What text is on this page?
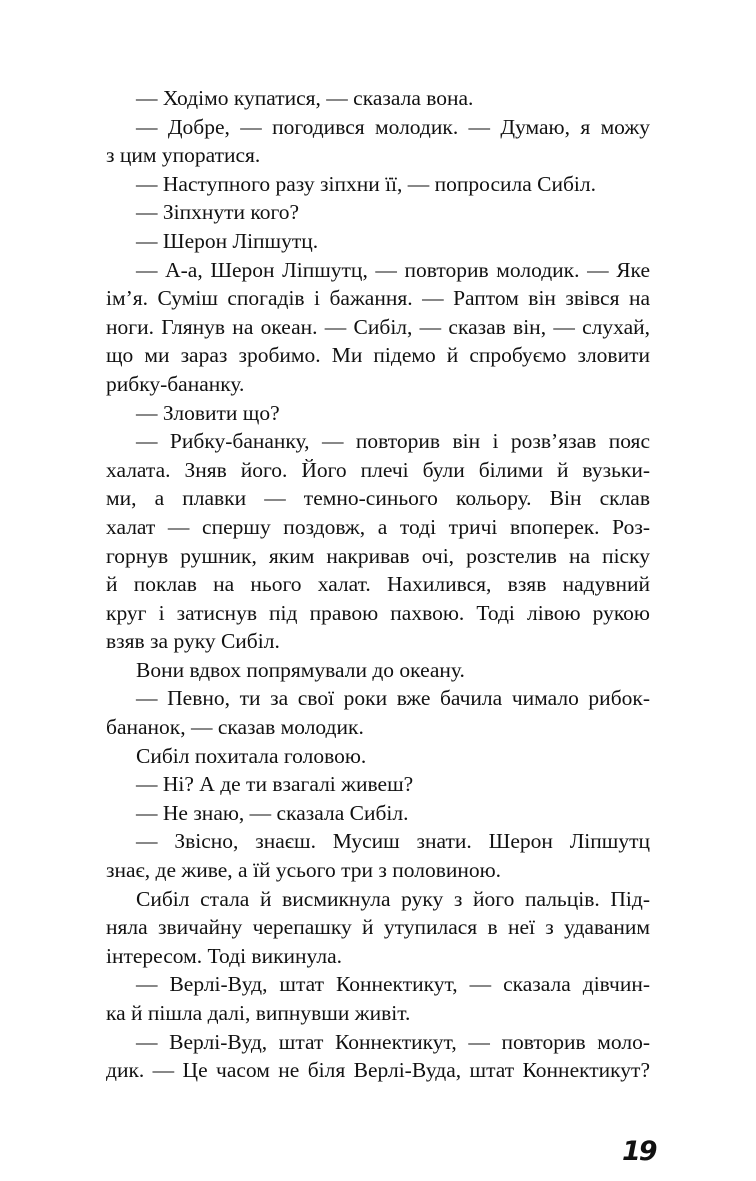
— Ходімо купатися, — сказала вона.
— Добре, — погодився молодик. — Думаю, я можу
з цим упоратися.
— Наступного разу зіпхни її, — попросила Сибіл.
— Зіпхнути кого?
— Шерон Ліпшутц.
— А-а, Шерон Ліпшутц, — повторив молодик. — Яке
ім’я. Суміш спогадів і бажання. — Раптом він звівся на
ноги. Глянув на океан. — Сибіл, — сказав він, — слухай,
що ми зараз зробимо. Ми підемо й спробуємо зловити
рибку-бананку.
— Зловити що?
— Рибку-бананку, — повторив він і розв’язав пояс
халата. Зняв його. Його плечі були білими й вузьки-
ми, а плавки — темно-синього кольору. Він склав
халат — спершу поздовж, а тоді тричі впоперек. Роз-
горнув рушник, яким накривав очі, розстелив на піску
й поклав на нього халат. Нахилився, взяв надувний
круг і затиснув під правою пахвою. Тоді лівою рукою
взяв за руку Сибіл.
Вони вдвох попрямували до океану.
— Певно, ти за свої роки вже бачила чимало рибок-
бананок, — сказав молодик.
Сибіл похитала головою.
— Ні? А де ти взагалі живеш?
— Не знаю, — сказала Сибіл.
— Звісно, знаєш. Мусиш знати. Шерон Ліпшутц
знає, де живе, а їй усього три з половиною.
Сибіл стала й висмикнула руку з його пальців. Під-
няла звичайну черепашку й утупилася в неї з удаваним
інтересом. Тоді викинула.
— Верлі-Вуд, штат Коннектикут, — сказала дівчин-
ка й пішла далі, випнувши живіт.
— Верлі-Вуд, штат Коннектикут, — повторив моло-
дик. — Це часом не біля Верлі-Вуда, штат Коннектикут?
19
